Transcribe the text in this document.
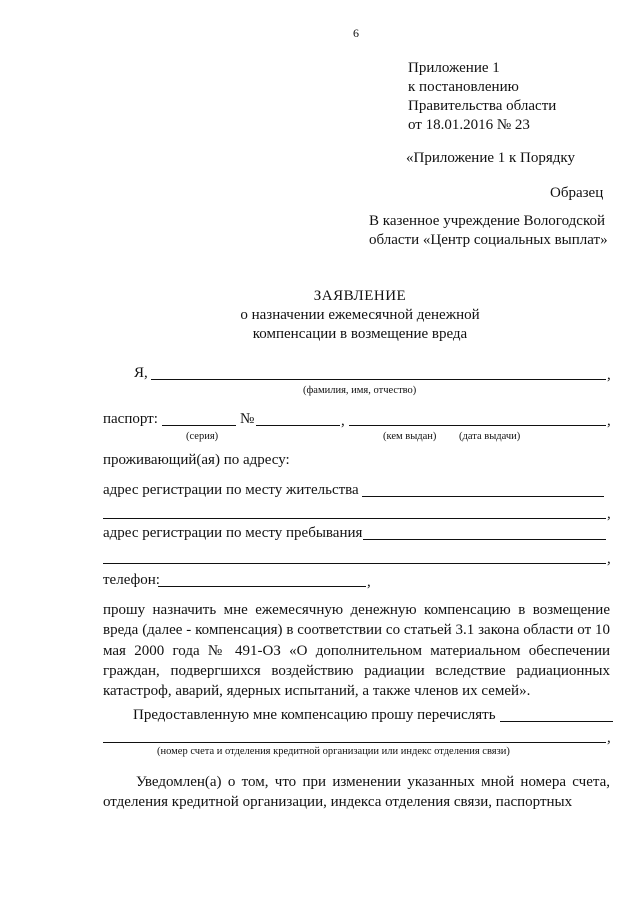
6
Приложение 1
к постановлению
Правительства области
от 18.01.2016 № 23
«Приложение 1 к Порядку
Образец
В казенное учреждение Вологодской
области «Центр социальных выплат»
ЗАЯВЛЕНИЕ
о назначении ежемесячной денежной
компенсации в возмещение вреда
Я,	,
(фамилия, имя, отчество)
паспорт:	№	,	,
(серия)	(кем выдан) (дата выдачи)
проживающий(ая) по адресу:
адрес регистрации по месту жительства
,
адрес регистрации по месту пребывания
,
телефон:	,
прошу назначить мне ежемесячную денежную компенсацию в возмещение вреда (далее - компенсация) в соответствии со статьей 3.1 закона области от 10 мая 2000 года № 491-ОЗ «О дополнительном материальном обеспечении граждан, подвергшихся воздействию радиации вследствие радиационных катастроф, аварий, ядерных испытаний, а также членов их семей».
Предоставленную мне компенсацию прошу перечислять
,
(номер счета и отделения кредитной организации или индекс отделения связи)
Уведомлен(а) о том, что при изменении указанных мной номера счета, отделения кредитной организации, индекса отделения связи, паспортных
